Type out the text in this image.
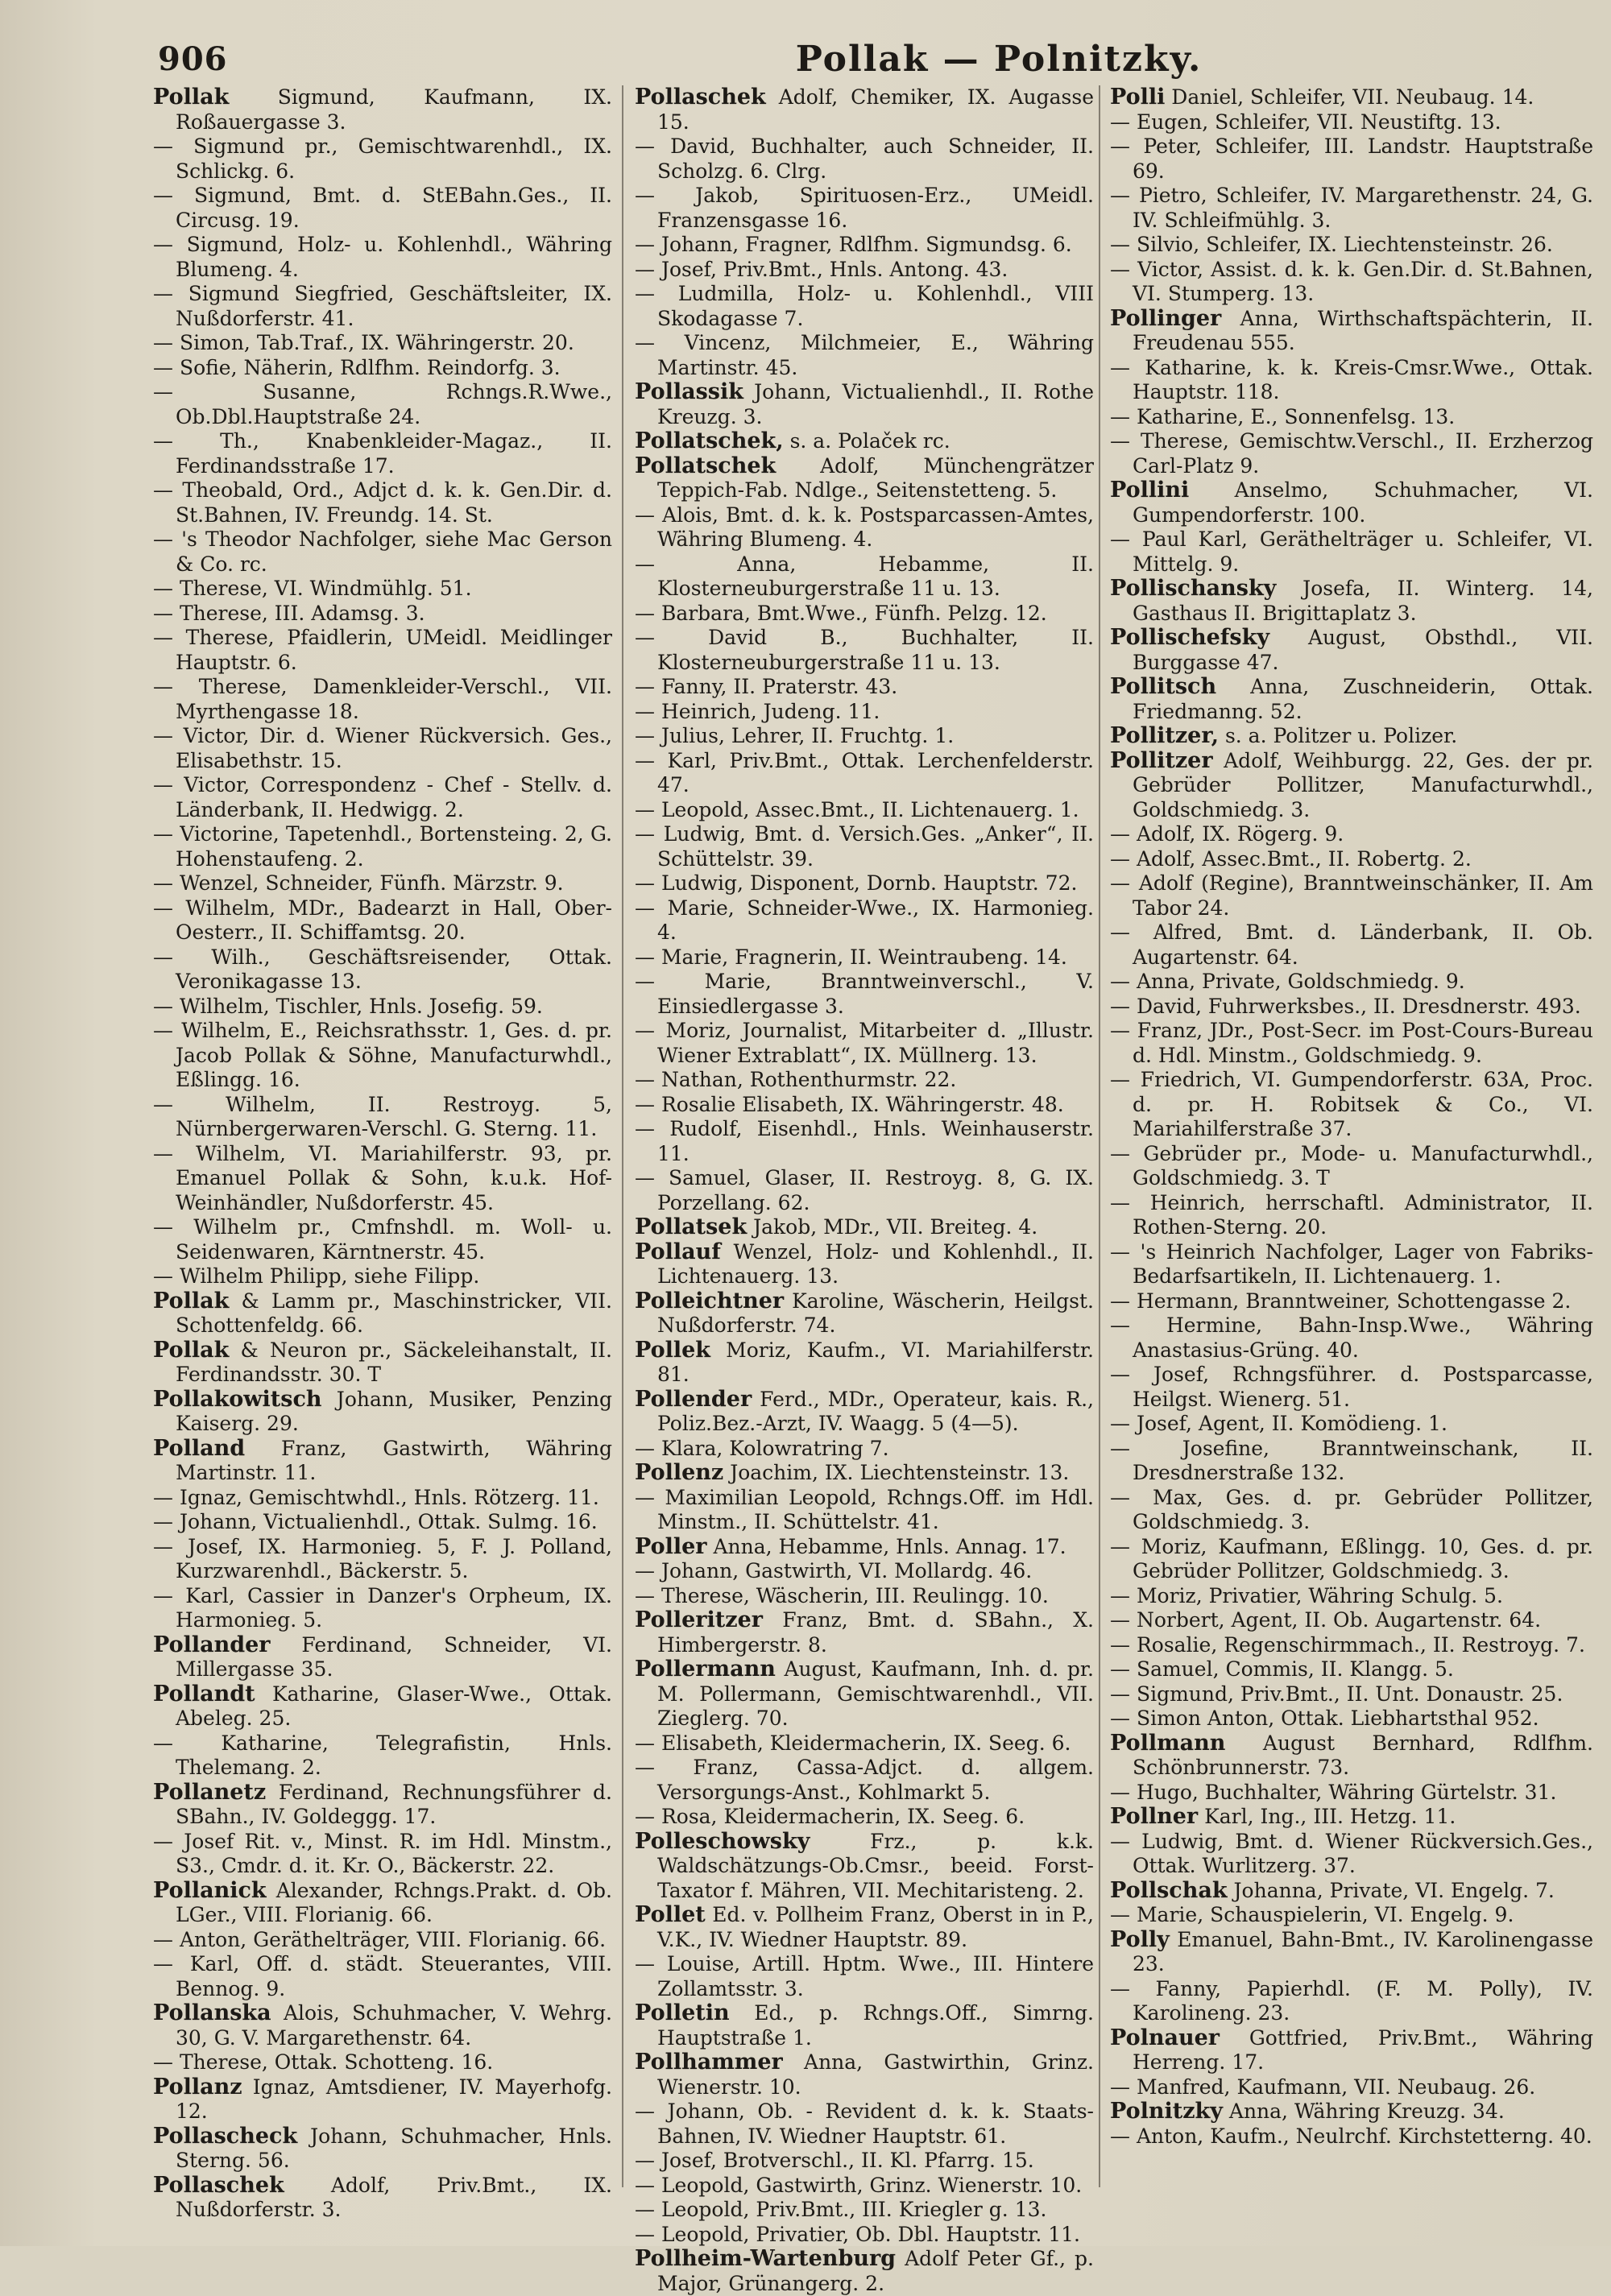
906	Pollak — Polnitzky.
Pollak Sigmund, Kaufmann, IX. Roßauergasse 3.
— Sigmund pr., Gemischtwarenhdl., IX. Schlickg. 6.
— Sigmund, Bmt. d. StEBahn.Ges., II. Circusg. 19.
— Sigmund, Holz- u. Kohlenhdl., Währing Blumeng. 4.
— Sigmund Siegfried, Geschäftsleiter, IX. Nußdorferstr. 41.
— Simon, Tab.Traf., IX. Währingerstr. 20.
— Sofie, Näherin, Rdlfhm. Reindorfg. 3.
— Susanne, Rchngs.R.Wwe., Ob.Dbl.Hauptstraße 24.
— Th., Knabenkleider-Magaz., II. Ferdinandsstraße 17.
— Theobald, Ord., Adjct d. k. k. Gen.Dir. d. St.Bahnen, IV. Freundg. 14. St.
— 's Theodor Nachfolger, siehe Mac Gerson & Co. rc.
— Therese, VI. Windmühlg. 51.
— Therese, III. Adamsg. 3.
— Therese, Pfaidlerin, UMeidl. Meidlinger Hauptstr. 6.
— Therese, Damenkleider-Verschl., VII. Myrthengasse 18.
— Victor, Dir. d. Wiener Rückversich. Ges., Elisabethstr. 15.
— Victor, Correspondenz - Chef - Stellv. d. Länderbank, II. Hedwigg. 2.
— Victorine, Tapetenhdl., Bortensteing. 2, G. Hohenstaufeng. 2.
— Wenzel, Schneider, Fünfh. Märzstr. 9.
— Wilhelm, MDr., Badearzt in Hall, Ober-Oesterr., II. Schiffamtsg. 20.
— Wilh., Geschäftsreisender, Ottak. Veronikagasse 13.
— Wilhelm, Tischler, Hnls. Josefig. 59.
— Wilhelm, E., Reichsrathsstr. 1, Ges. d. pr. Jacob Pollak & Söhne, Manufacturwhdl., Eßlingg. 16.
— Wilhelm, II. Restroyg. 5, Nürnbergerwaren-Verschl. G. Sterng. 11.
— Wilhelm, VI. Mariahilferstr. 93, pr. Emanuel Pollak & Sohn, k.u.k. Hof-Weinhändler, Nußdorferstr. 45.
— Wilhelm pr., Cmfnshdl. m. Woll- u. Seidenwaren, Kärntnerstr. 45.
— Wilhelm Philipp, siehe Filipp.
Pollak & Lamm pr., Maschinstricker, VII. Schottenfeldg. 66.
Pollak & Neuron pr., Säckeleihanstalt, II. Ferdinandsstr. 30. T
Pollakowitsch Johann, Musiker, Penzing Kaiserg. 29.
Polland Franz, Gastwirth, Währing Martinstr. 11.
— Ignaz, Gemischtwhdl., Hnls. Rötzerg. 11.
— Johann, Victualienhdl., Ottak. Sulmg. 16.
— Josef, IX. Harmonieg. 5, F. J. Polland, Kurzwarenhdl., Bäckerstr. 5.
— Karl, Cassier in Danzer's Orpheum, IX. Harmonieg. 5.
Pollander Ferdinand, Schneider, VI. Millergasse 35.
Pollandt Katharine, Glaser-Wwe., Ottak. Abeleg. 25.
— Katharine, Telegrafistin, Hnls. Thelemang. 2.
Pollanetz Ferdinand, Rechnungsführer d. SBahn., IV. Goldeggg. 17.
— Josef Rit. v., Minst. R. im Hdl. Minstm., S3., Cmdr. d. it. Kr. O., Bäckerstr. 22.
Pollanick Alexander, Rchngs.Prakt. d. Ob. LGer., VIII. Florianig. 66.
— Anton, Geräthelträger, VIII. Florianig. 66.
— Karl, Off. d. städt. Steuerantes, VIII. Bennog. 9.
Pollanska Alois, Schuhmacher, V. Wehrg. 30, G. V. Margarethenstr. 64.
— Therese, Ottak. Schotteng. 16.
Pollanz Ignaz, Amtsdiener, IV. Mayerhofg. 12.
Pollascheck Johann, Schuhmacher, Hnls. Sterng. 56.
Pollaschek Adolf, Priv.Bmt., IX. Nußdorferstr. 3.
Pollaschek Adolf, Chemiker, IX. Augasse 15.
— David, Buchhalter, auch Schneider, II. Scholzg. 6. Clrg.
— Jakob, Spirituosen-Erz., UMeidl. Franzensgasse 16.
— Johann, Fragner, Rdlfhm. Sigmundsg. 6.
— Josef, Priv.Bmt., Hnls. Antong. 43.
— Ludmilla, Holz- u. Kohlenhdl., VIII Skodagasse 7.
— Vincenz, Milchmeier, E., Währing Martinstr. 45.
Pollassik Johann, Victualienhdl., II. Rothe Kreuzg. 3.
Pollatschek, s. a. Polaček rc.
Pollatschek Adolf, Münchengrätzer Teppich-Fab. Ndlge., Seitenstetteng. 5.
— Alois, Bmt. d. k. k. Postsparcassen-Amtes, Währing Blumeng. 4.
— Anna, Hebamme, II. Klosterneuburgerstraße 11 u. 13.
— Barbara, Bmt.Wwe., Fünfh. Pelzg. 12.
— David B., Buchhalter, II. Klosterneuburgerstraße 11 u. 13.
— Fanny, II. Praterstr. 43.
— Heinrich, Judeng. 11.
— Julius, Lehrer, II. Fruchtg. 1.
— Karl, Priv.Bmt., Ottak. Lerchenfelderstr. 47.
— Leopold, Assec.Bmt., II. Lichtenauerg. 1.
— Ludwig, Bmt. d. Versich.Ges. „Anker“, II. Schüttelstr. 39.
— Ludwig, Disponent, Dornb. Hauptstr. 72.
— Marie, Schneider-Wwe., IX. Harmonieg. 4.
— Marie, Fragnerin, II. Weintraubeng. 14.
— Marie, Branntweinverschl., V. Einsiedlergasse 3.
— Moriz, Journalist, Mitarbeiter d. „Illustr. Wiener Extrablatt“, IX. Müllnerg. 13.
— Nathan, Rothenthurmstr. 22.
— Rosalie Elisabeth, IX. Währingerstr. 48.
— Rudolf, Eisenhdl., Hnls. Weinhauserstr. 11.
— Samuel, Glaser, II. Restroyg. 8, G. IX. Porzellang. 62.
Pollatsek Jakob, MDr., VII. Breiteg. 4.
Pollauf Wenzel, Holz- und Kohlenhdl., II. Lichtenauerg. 13.
Polleichtner Karoline, Wäscherin, Heilgst. Nußdorferstr. 74.
Pollek Moriz, Kaufm., VI. Mariahilferstr. 81.
Pollender Ferd., MDr., Operateur, kais. R., Poliz.Bez.-Arzt, IV. Waagg. 5 (4—5).
— Klara, Kolowratring 7.
Pollenz Joachim, IX. Liechtensteinstr. 13.
— Maximilian Leopold, Rchngs.Off. im Hdl. Minstm., II. Schüttelstr. 41.
Poller Anna, Hebamme, Hnls. Annag. 17.
— Johann, Gastwirth, VI. Mollardg. 46.
— Therese, Wäscherin, III. Reulingg. 10.
Polleritzer Franz, Bmt. d. SBahn., X. Himbergerstr. 8.
Pollermann August, Kaufmann, Inh. d. pr. M. Pollermann, Gemischtwarenhdl., VII. Zieglerg. 70.
— Elisabeth, Kleidermacherin, IX. Seeg. 6.
— Franz, Cassa-Adjct. d. allgem. Versorgungs-Anst., Kohlmarkt 5.
— Rosa, Kleidermacherin, IX. Seeg. 6.
Polleschowsky Frz., p. k.k. Waldschätzungs-Ob.Cmsr., beeid. Forst-Taxator f. Mähren, VII. Mechitaristeng. 2.
Pollet Ed. v. Pollheim Franz, Oberst in in P., V.K., IV. Wiedner Hauptstr. 89.
— Louise, Artill. Hptm. Wwe., III. Hintere Zollamtsstr. 3.
Polletin Ed., p. Rchngs.Off., Simrng. Hauptstraße 1.
Pollhammer Anna, Gastwirthin, Grinz. Wienerstr. 10.
— Johann, Ob. - Revident d. k. k. Staats-Bahnen, IV. Wiedner Hauptstr. 61.
— Josef, Brotverschl., II. Kl. Pfarrg. 15.
— Leopold, Gastwirth, Grinz. Wienerstr. 10.
— Leopold, Priv.Bmt., III. Kriegler g. 13.
— Leopold, Privatier, Ob. Dbl. Hauptstr. 11.
Pollheim-Wartenburg Adolf Peter Gf., p. Major, Grünangerg. 2.
Polli Daniel, Schleifer, VII. Neubaug. 14.
— Eugen, Schleifer, VII. Neustiftg. 13.
— Peter, Schleifer, III. Landstr. Hauptstraße 69.
— Pietro, Schleifer, IV. Margarethenstr. 24, G. IV. Schleifmühlg. 3.
— Silvio, Schleifer, IX. Liechtensteinstr. 26.
— Victor, Assist. d. k. k. Gen.Dir. d. St.Bahnen, VI. Stumperg. 13.
Pollinger Anna, Wirthschaftspächterin, II. Freudenau 555.
— Katharine, k. k. Kreis-Cmsr.Wwe., Ottak. Hauptstr. 118.
— Katharine, E., Sonnenfelsg. 13.
— Therese, Gemischtw.Verschl., II. Erzherzog Carl-Platz 9.
Pollini Anselmo, Schuhmacher, VI. Gumpendorferstr. 100.
— Paul Karl, Geräthelträger u. Schleifer, VI. Mittelg. 9.
Pollischansky Josefa, II. Winterg. 14, Gasthaus II. Brigittaplatz 3.
Pollischefsky August, Obsthdl., VII. Burggasse 47.
Pollitsch Anna, Zuschneiderin, Ottak. Friedmanng. 52.
Pollitzer, s. a. Politzer u. Polizer.
Pollitzer Adolf, Weihburgg. 22, Ges. der pr. Gebrüder Pollitzer, Manufacturwhdl., Goldschmiedg. 3.
— Adolf, IX. Rögerg. 9.
— Adolf, Assec.Bmt., II. Robertg. 2.
— Adolf (Regine), Branntweinschänker, II. Am Tabor 24.
— Alfred, Bmt. d. Länderbank, II. Ob. Augartenstr. 64.
— Anna, Private, Goldschmiedg. 9.
— David, Fuhrwerksbes., II. Dresdnerstr. 493.
— Franz, JDr., Post-Secr. im Post-Cours-Bureau d. Hdl. Minstm., Goldschmiedg. 9.
— Friedrich, VI. Gumpendorferstr. 63A, Proc. d. pr. H. Robitsek & Co., VI. Mariahilferstraße 37.
— Gebrüder pr., Mode- u. Manufacturwhdl., Goldschmiedg. 3. T
— Heinrich, herrschaftl. Administrator, II. Rothen-Sterng. 20.
— 's Heinrich Nachfolger, Lager von Fabriks-Bedarfsartikeln, II. Lichtenauerg. 1.
— Hermann, Branntweiner, Schottengasse 2.
— Hermine, Bahn-Insp.Wwe., Währing Anastasius-Grüng. 40.
— Josef, Rchngsführer. d. Postsparcasse, Heilgst. Wienerg. 51.
— Josef, Agent, II. Komödieng. 1.
— Josefine, Branntweinschank, II. Dresdnerstraße 132.
— Max, Ges. d. pr. Gebrüder Pollitzer, Goldschmiedg. 3.
— Moriz, Kaufmann, Eßlingg. 10, Ges. d. pr. Gebrüder Pollitzer, Goldschmiedg. 3.
— Moriz, Privatier, Währing Schulg. 5.
— Norbert, Agent, II. Ob. Augartenstr. 64.
— Rosalie, Regenschirmmach., II. Restroyg. 7.
— Samuel, Commis, II. Klangg. 5.
— Sigmund, Priv.Bmt., II. Unt. Donaustr. 25.
— Simon Anton, Ottak. Liebhartsthal 952.
Pollmann August Bernhard, Rdlfhm. Schönbrunnerstr. 73.
— Hugo, Buchhalter, Währing Gürtelstr. 31.
Pollner Karl, Ing., III. Hetzg. 11.
— Ludwig, Bmt. d. Wiener Rückversich.Ges., Ottak. Wurlitzerg. 37.
Pollschak Johanna, Private, VI. Engelg. 7.
— Marie, Schauspielerin, VI. Engelg. 9.
Polly Emanuel, Bahn-Bmt., IV. Karolinengasse 23.
— Fanny, Papierhdl. (F. M. Polly), IV. Karolineng. 23.
Polnauer Gottfried, Priv.Bmt., Währing Herreng. 17.
— Manfred, Kaufmann, VII. Neubaug. 26.
Polnitzky Anna, Währing Kreuzg. 34.
— Anton, Kaufm., Neulrchf. Kirchstetterng. 40.
